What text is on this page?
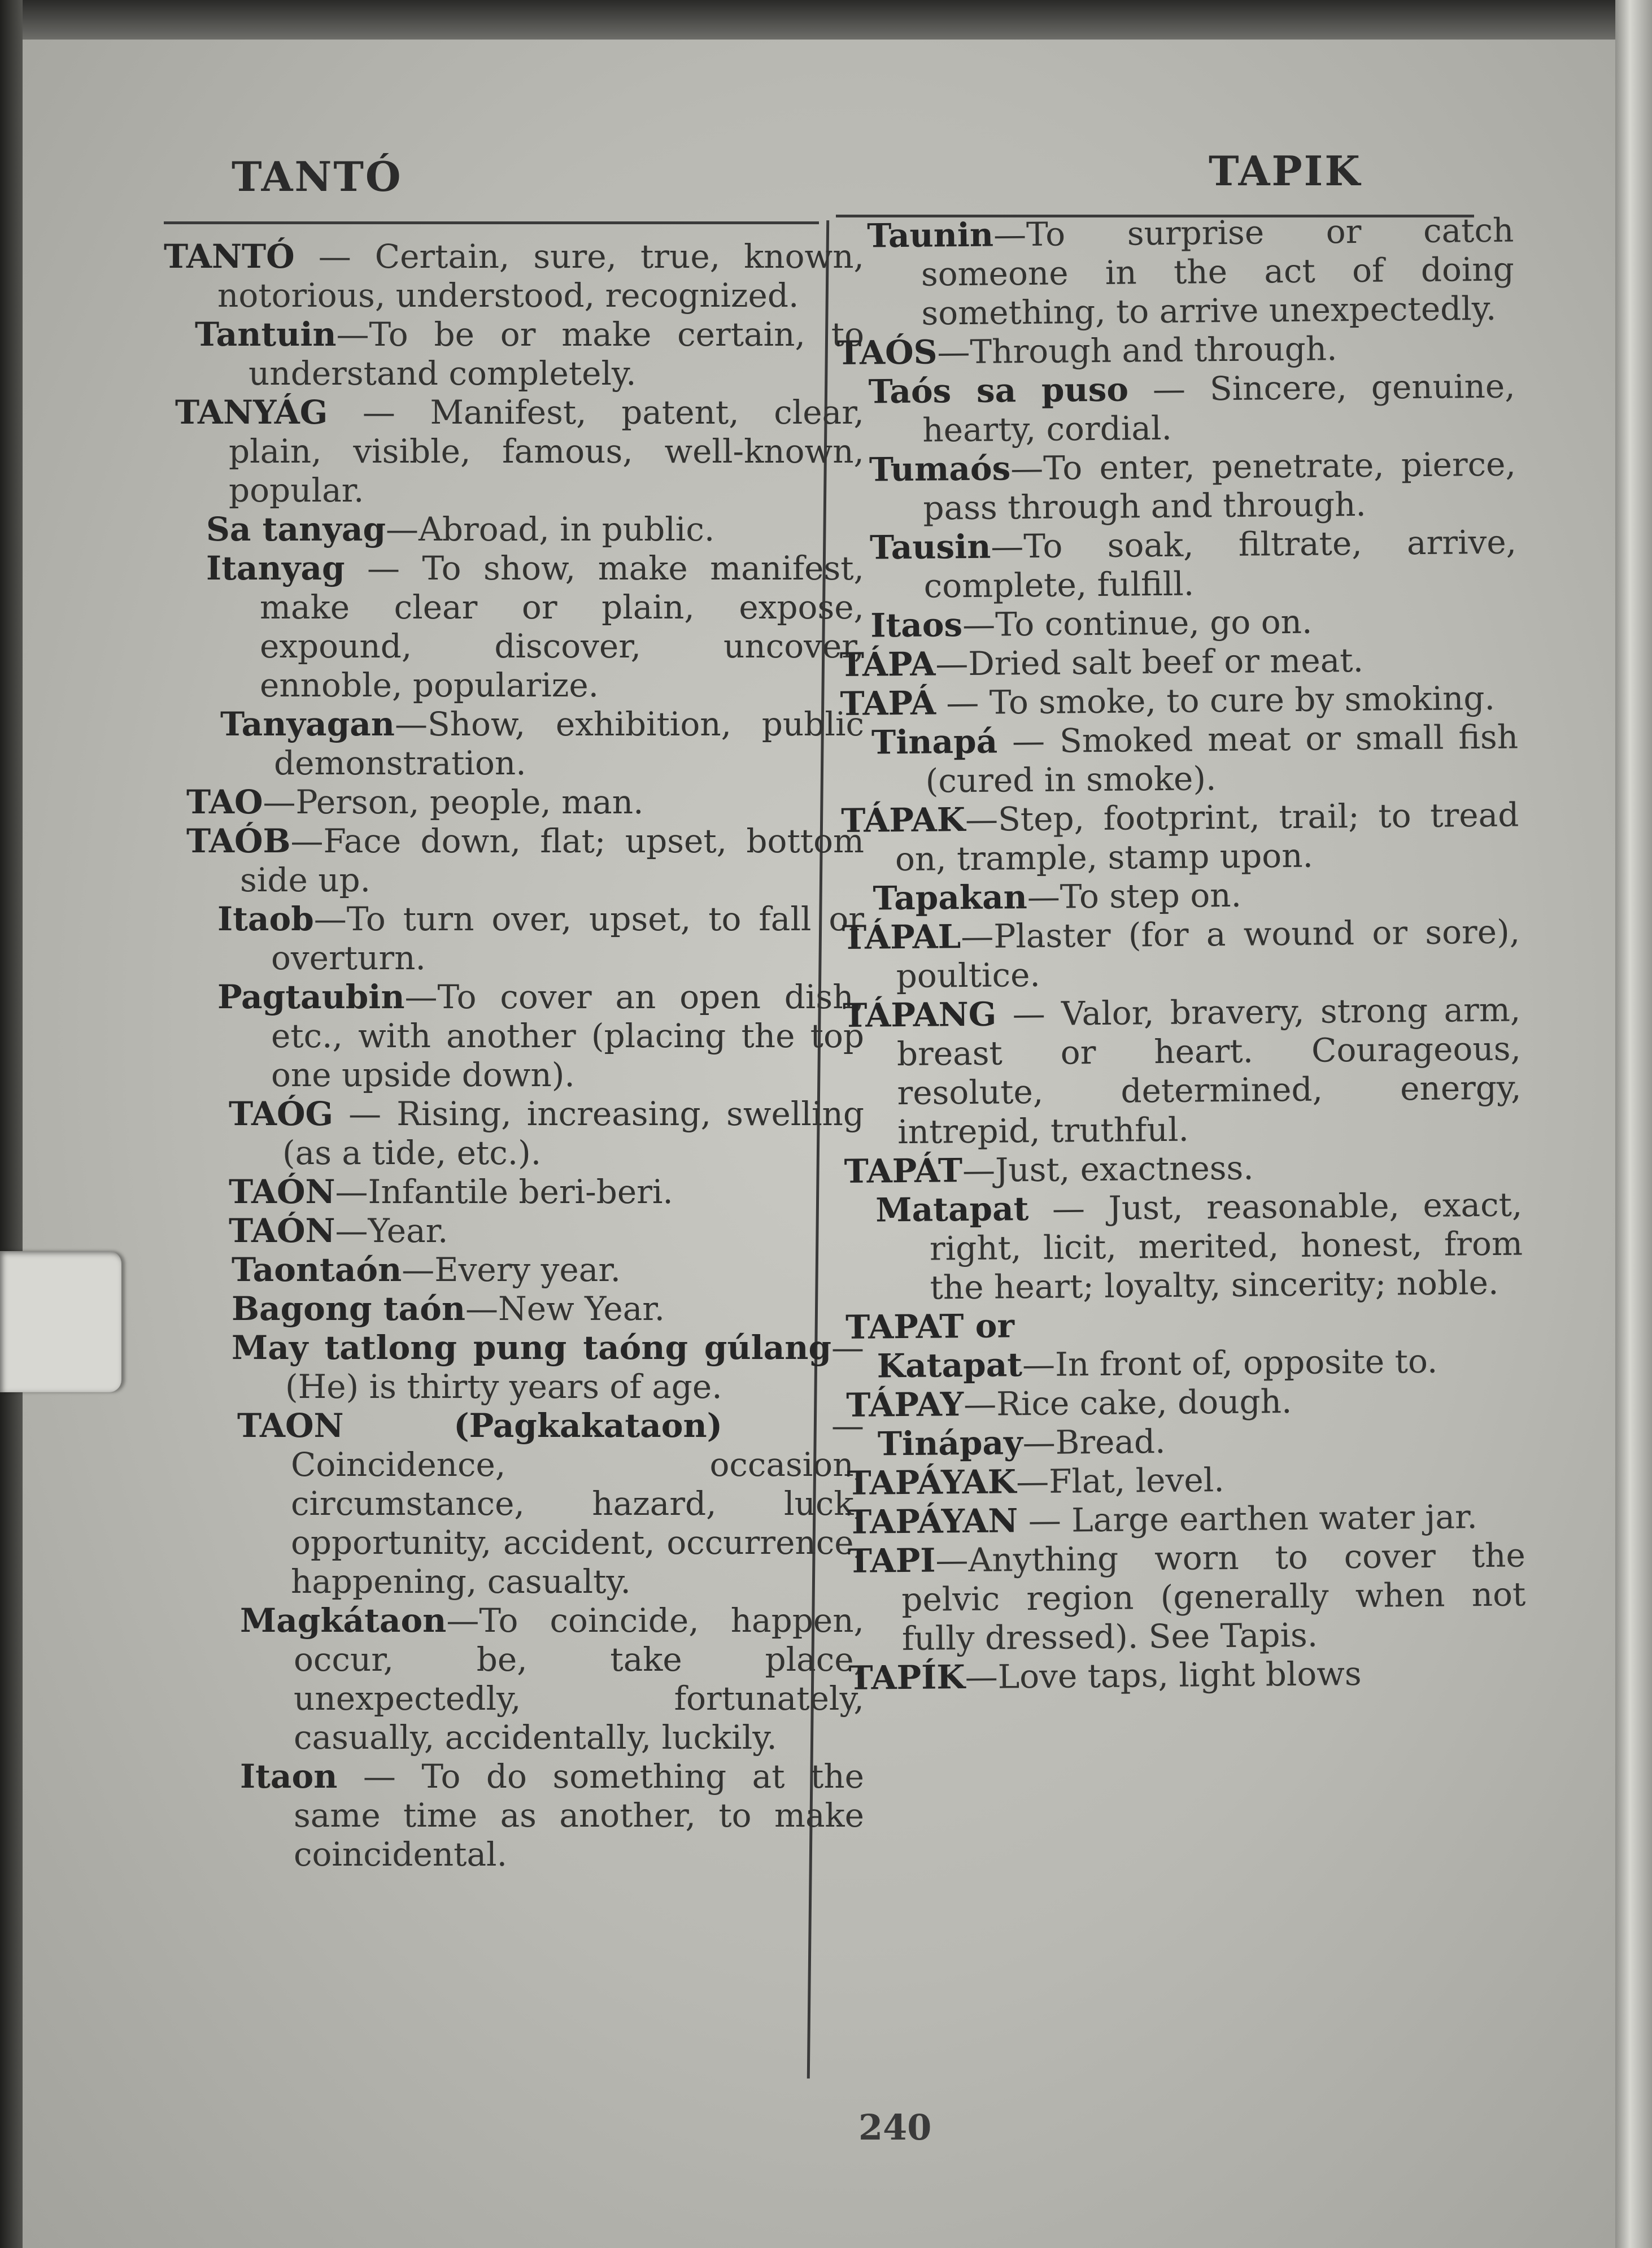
TANTÓ	TAPIK

TANTÓ — Certain, sure, true, known, notorious, understood, recognized.

Tantuin—To be or make certain, to understand completely.

TANYÁG — Manifest, patent, clear, plain, visible, famous, well-known, popular.

Sa tanyag—Abroad, in public.

Itanyag — To show, make manifest, make clear or plain, expose, expound, discover, uncover, ennoble, popularize.

Tanyagan—Show, exhibition, public demonstration.

TAO—Person, people, man.

TAÓB—Face down, flat; upset, bottom side up.

Itaob—To turn over, upset, to fall or overturn.

Pagtaubin—To cover an open dish, etc., with another (placing the top one upside down).

TAÓG — Rising, increasing, swelling (as a tide, etc.).

TAÓN—Infantile beri-beri.

TAÓN—Year.

Taontaón—Every year.

Bagong taón—New Year.

May tatlong pung taóng gúlang—(He) is thirty years of age.

TAON (Pagkakataon) — Coincidence, occasion, circumstance, hazard, luck, opportunity, accident, occurrence, happening, casualty.

Magkátaon—To coincide, happen, occur, be, take place, unexpectedly, fortunately, casually, accidentally, luckily.

Itaon — To do something at the same time as another, to make coincidental.

Taunin—To surprise or catch someone in the act of doing something, to arrive unexpectedly.

TAÓS—Through and through.

Taós sa puso — Sincere, genuine, hearty, cordial.

Tumaós—To enter, penetrate, pierce, pass through and through.

Tausin—To soak, filtrate, arrive, complete, fulfill.

Itaos—To continue, go on.

TÁPA—Dried salt beef or meat.

TAPÁ — To smoke, to cure by smoking.

Tinapá — Smoked meat or small fish (cured in smoke).

TÁPAK—Step, footprint, trail; to tread on, trample, stamp upon.

Tapakan—To step on.

TÁPAL—Plaster (for a wound or sore), poultice.

TÁPANG — Valor, bravery, strong arm, breast or heart. Courageous, resolute, determined, energy, intrepid, truthful.

TAPÁT—Just, exactness.

Matapat — Just, reasonable, exact, right, licit, merited, honest, from the heart; loyalty, sincerity; noble.

TAPAT or

Katapat—In front of, opposite to.

TÁPAY—Rice cake, dough.

Tinápay—Bread.

TAPÁYAK—Flat, level.

TAPÁYAN — Large earthen water jar.

TAPI—Anything worn to cover the pelvic region (generally when not fully dressed). See Tapis.

TAPÍK—Love taps, light blows

240
